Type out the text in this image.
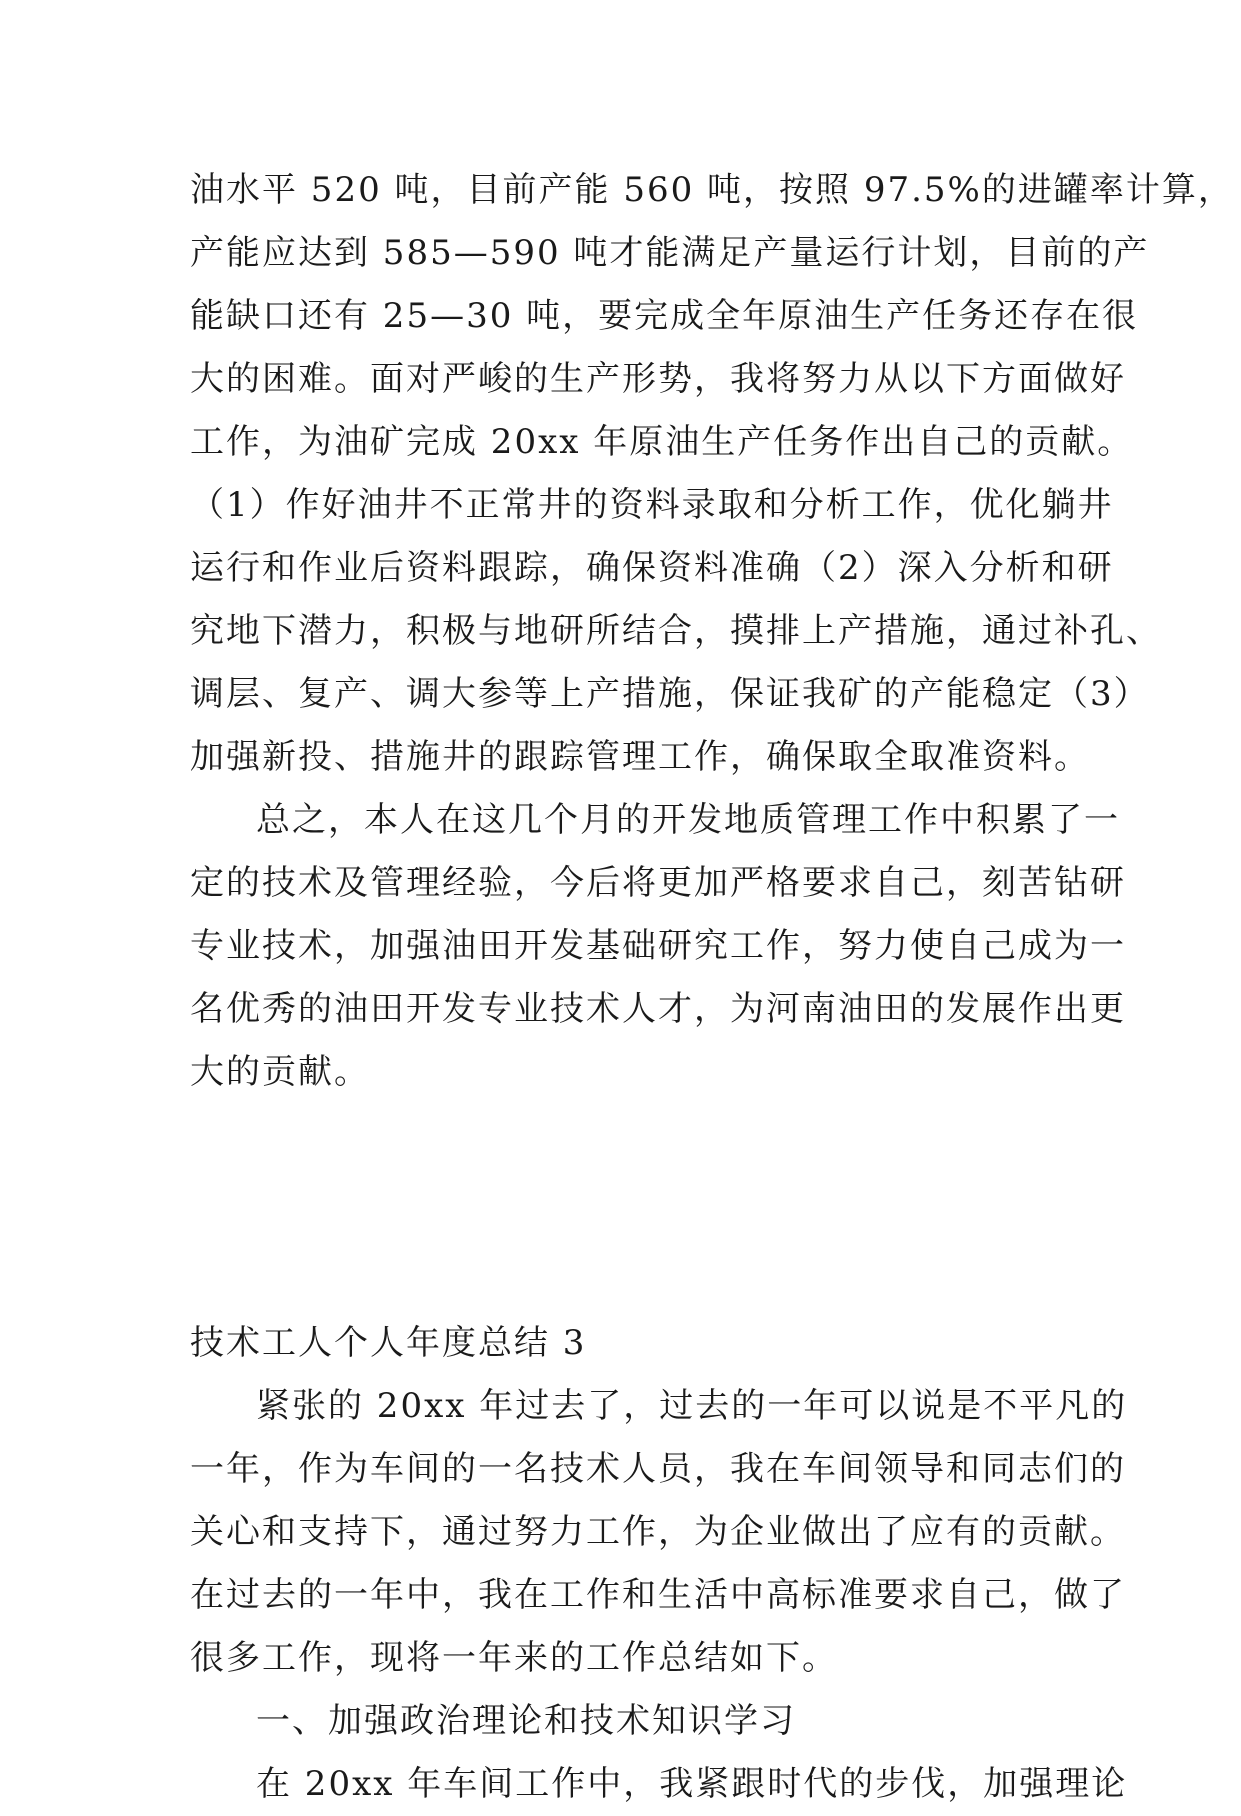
油水平 520 吨，目前产能 560 吨，按照 97.5%的进罐率计算，
产能应达到 585—590 吨才能满足产量运行计划，目前的产
能缺口还有 25—30 吨，要完成全年原油生产任务还存在很
大的困难。面对严峻的生产形势，我将努力从以下方面做好
工作，为油矿完成 20xx 年原油生产任务作出自己的贡献。
（1）作好油井不正常井的资料录取和分析工作，优化躺井
运行和作业后资料跟踪，确保资料准确（2）深入分析和研
究地下潜力，积极与地研所结合，摸排上产措施，通过补孔、
调层、复产、调大参等上产措施，保证我矿的产能稳定（3）
加强新投、措施井的跟踪管理工作，确保取全取准资料。
总之，本人在这几个月的开发地质管理工作中积累了一
定的技术及管理经验，今后将更加严格要求自己，刻苦钻研
专业技术，加强油田开发基础研究工作，努力使自己成为一
名优秀的油田开发专业技术人才，为河南油田的发展作出更
大的贡献。
技术工人个人年度总结 3
紧张的 20xx 年过去了，过去的一年可以说是不平凡的
一年，作为车间的一名技术人员，我在车间领导和同志们的
关心和支持下，通过努力工作，为企业做出了应有的贡献。
在过去的一年中，我在工作和生活中高标准要求自己，做了
很多工作，现将一年来的工作总结如下。
一、加强政治理论和技术知识学习
在 20xx 年车间工作中，我紧跟时代的步伐，加强理论
